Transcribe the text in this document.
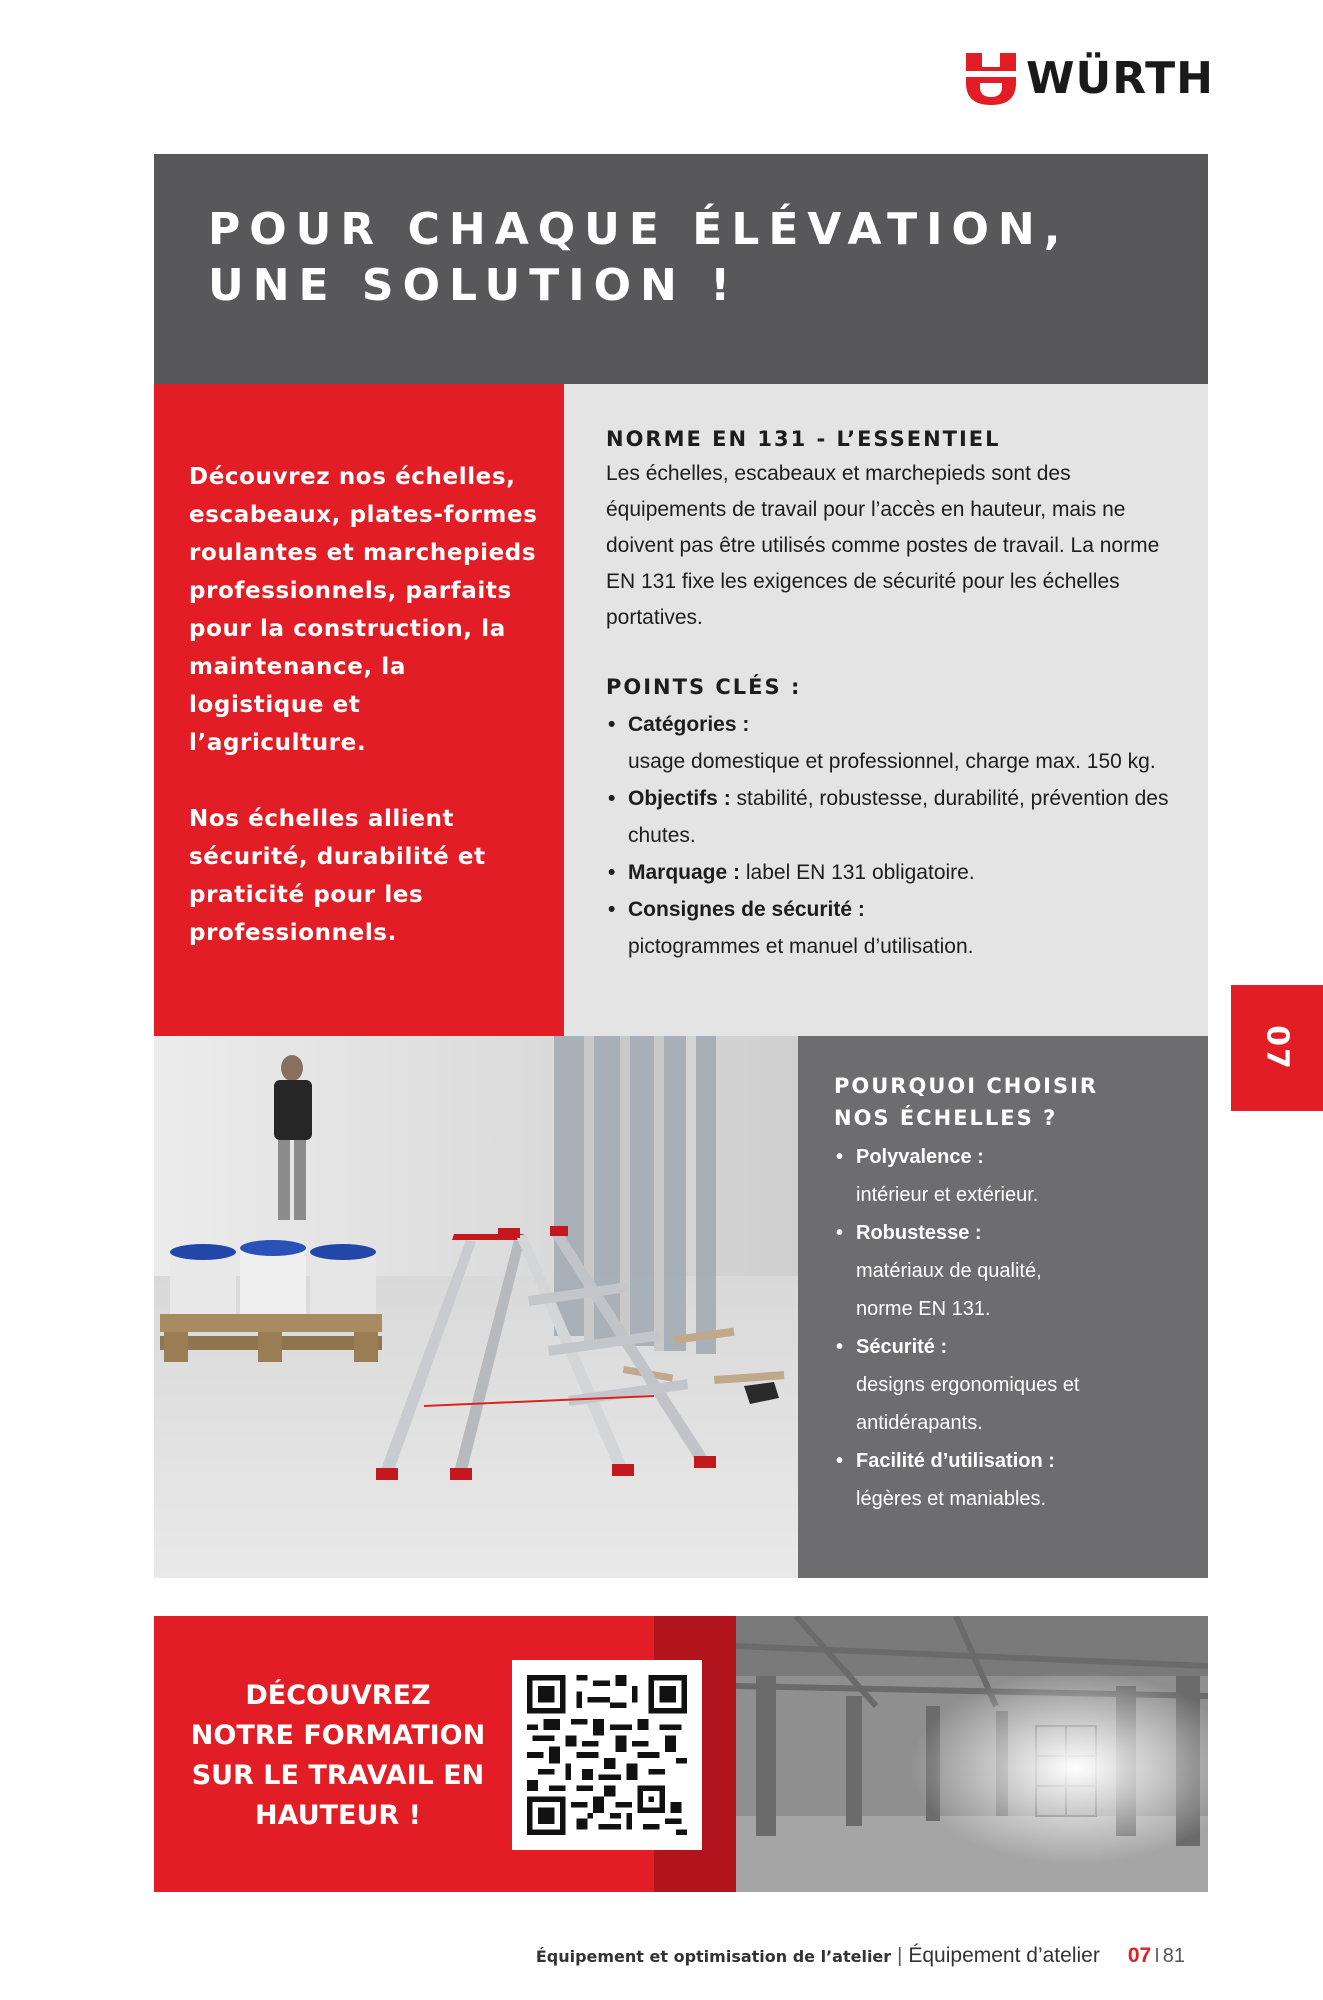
WÜRTH
POUR CHAQUE ÉLÉVATION,
UNE SOLUTION !

Découvrez nos échelles, escabeaux, plates-formes roulantes et marchepieds professionnels, parfaits pour la construction, la maintenance, la logistique et l’agriculture.

Nos échelles allient sécurité, durabilité et praticité pour les professionnels.

NORME EN 131 - L’ESSENTIEL
Les échelles, escabeaux et marchepieds sont des équipements de travail pour l’accès en hauteur, mais ne doivent pas être utilisés comme postes de travail. La norme EN 131 fixe les exigences de sécurité pour les échelles portatives.
POINTS CLÉS :
• Catégories :
usage domestique et professionnel, charge max. 150 kg.
• Objectifs : stabilité, robustesse, durabilité, prévention des chutes.
• Marquage : label EN 131 obligatoire.
• Consignes de sécurité :
pictogrammes et manuel d’utilisation.
POURQUOI CHOISIR
NOS ÉCHELLES ?
• Polyvalence :
intérieur et extérieur.
• Robustesse :
matériaux de qualité, norme EN 131.
• Sécurité :
designs ergonomiques et antidérapants.
• Facilité d’utilisation :
légères et maniables.
07
DÉCOUVREZ
NOTRE FORMATION
SUR LE TRAVAIL EN
HAUTEUR !
Équipement et optimisation de l’atelier | Équipement d’atelier 07 I 81
